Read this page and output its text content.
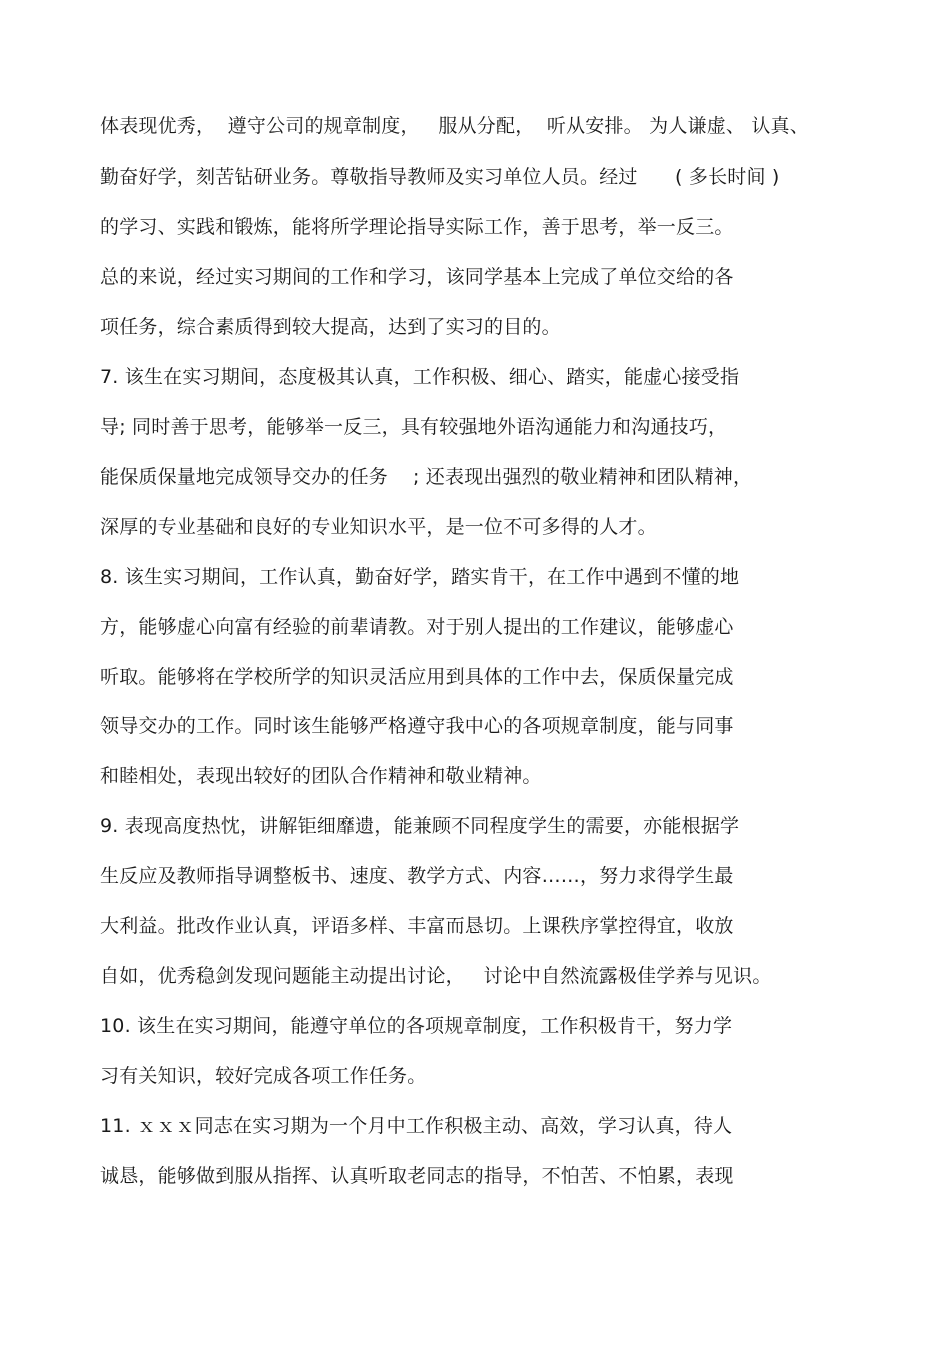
体表现优秀，  遵守公司的规章制度，   服从分配，  听从安排。 为人谦虚、 认真、
勤奋好学，刻苦钻研业务。尊敬指导教师及实习单位人员。经过      ( 多长时间 )
的学习、实践和锻炼，能将所学理论指导实际工作，善于思考，举一反三。
总的来说，经过实习期间的工作和学习，该同学基本上完成了单位交给的各
项任务，综合素质得到较大提高，达到了实习的目的。
7. 该生在实习期间，态度极其认真，工作积极、细心、踏实，能虚心接受指
导; 同时善于思考，能够举一反三，具有较强地外语沟通能力和沟通技巧，
能保质保量地完成领导交办的任务    ; 还表现出强烈的敬业精神和团队精神，
深厚的专业基础和良好的专业知识水平，是一位不可多得的人才。
8. 该生实习期间，工作认真，勤奋好学，踏实肯干，在工作中遇到不懂的地
方，能够虚心向富有经验的前辈请教。对于别人提出的工作建议，能够虚心
听取。能够将在学校所学的知识灵活应用到具体的工作中去，保质保量完成
领导交办的工作。同时该生能够严格遵守我中心的各项规章制度，能与同事
和睦相处，表现出较好的团队合作精神和敬业精神。
9. 表现高度热忱，讲解钜细靡遗，能兼顾不同程度学生的需要，亦能根据学
生反应及教师指导调整板书、速度、教学方式、内容……，努力求得学生最
大利益。批改作业认真，评语多样、丰富而恳切。上课秩序掌控得宜，收放
自如，优秀稳剑发现问题能主动提出讨论，   讨论中自然流露极佳学养与见识。
10. 该生在实习期间，能遵守单位的各项规章制度，工作积极肯干，努力学
习有关知识，较好完成各项工作任务。
11. ｘｘｘ同志在实习期为一个月中工作积极主动、高效，学习认真，待人
诚恳，能够做到服从指挥、认真听取老同志的指导，不怕苦、不怕累，表现
